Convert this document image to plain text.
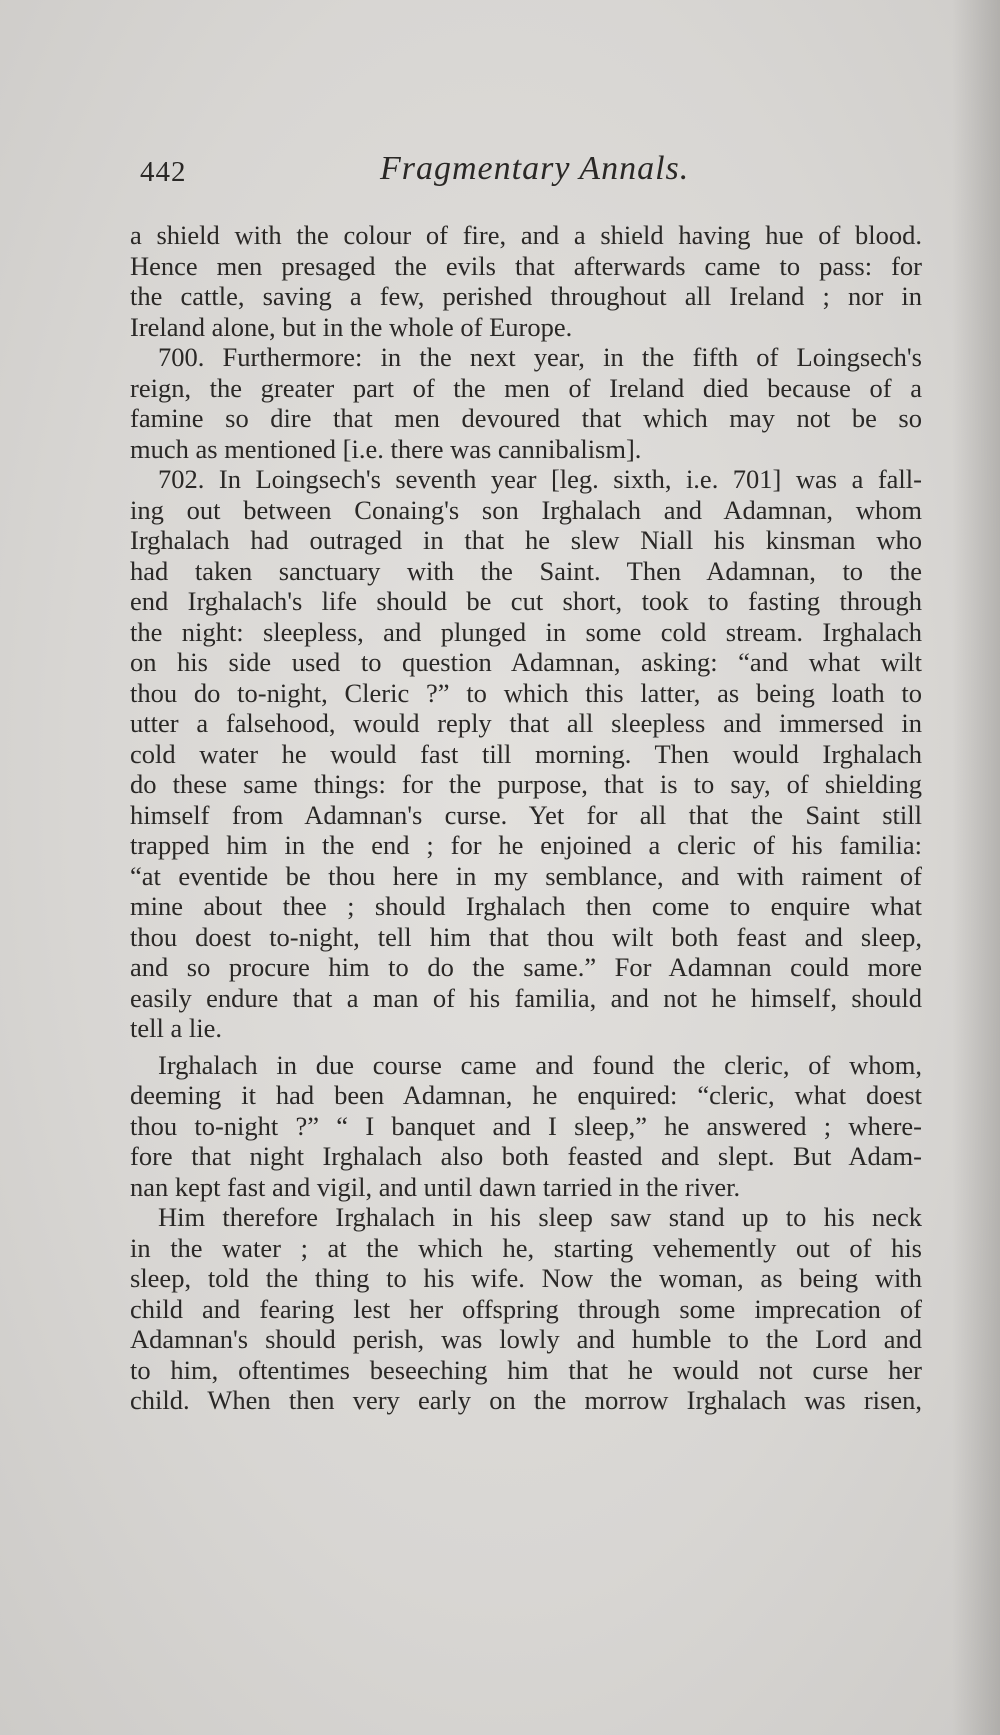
442	Fragmentary Annals.
a shield with the colour of fire, and a shield having hue of blood.
Hence men presaged the evils that afterwards came to pass: for
the cattle, saving a few, perished throughout all Ireland ; nor in
Ireland alone, but in the whole of Europe.
700. Furthermore: in the next year, in the fifth of Loingsech's
reign, the greater part of the men of Ireland died because of a
famine so dire that men devoured that which may not be so
much as mentioned [i.e. there was cannibalism].
702. In Loingsech's seventh year [leg. sixth, i.e. 701] was a fall-
ing out between Conaing's son Irghalach and Adamnan, whom
Irghalach had outraged in that he slew Niall his kinsman who
had taken sanctuary with the Saint. Then Adamnan, to the
end Irghalach's life should be cut short, took to fasting through
the night: sleepless, and plunged in some cold stream. Irghalach
on his side used to question Adamnan, asking: “and what wilt
thou do to-night, Cleric ?” to which this latter, as being loath to
utter a falsehood, would reply that all sleepless and immersed in
cold water he would fast till morning. Then would Irghalach
do these same things: for the purpose, that is to say, of shielding
himself from Adamnan's curse. Yet for all that the Saint still
trapped him in the end ; for he enjoined a cleric of his familia:
“at eventide be thou here in my semblance, and with raiment of
mine about thee ; should Irghalach then come to enquire what
thou doest to-night, tell him that thou wilt both feast and sleep,
and so procure him to do the same.” For Adamnan could more
easily endure that a man of his familia, and not he himself, should
tell a lie.
Irghalach in due course came and found the cleric, of whom,
deeming it had been Adamnan, he enquired: “cleric, what doest
thou to-night ?” “ I banquet and I sleep,” he answered ; where-
fore that night Irghalach also both feasted and slept. But Adam-
nan kept fast and vigil, and until dawn tarried in the river.
Him therefore Irghalach in his sleep saw stand up to his neck
in the water ; at the which he, starting vehemently out of his
sleep, told the thing to his wife. Now the woman, as being with
child and fearing lest her offspring through some imprecation of
Adamnan's should perish, was lowly and humble to the Lord and
to him, oftentimes beseeching him that he would not curse her
child. When then very early on the morrow Irghalach was risen,
